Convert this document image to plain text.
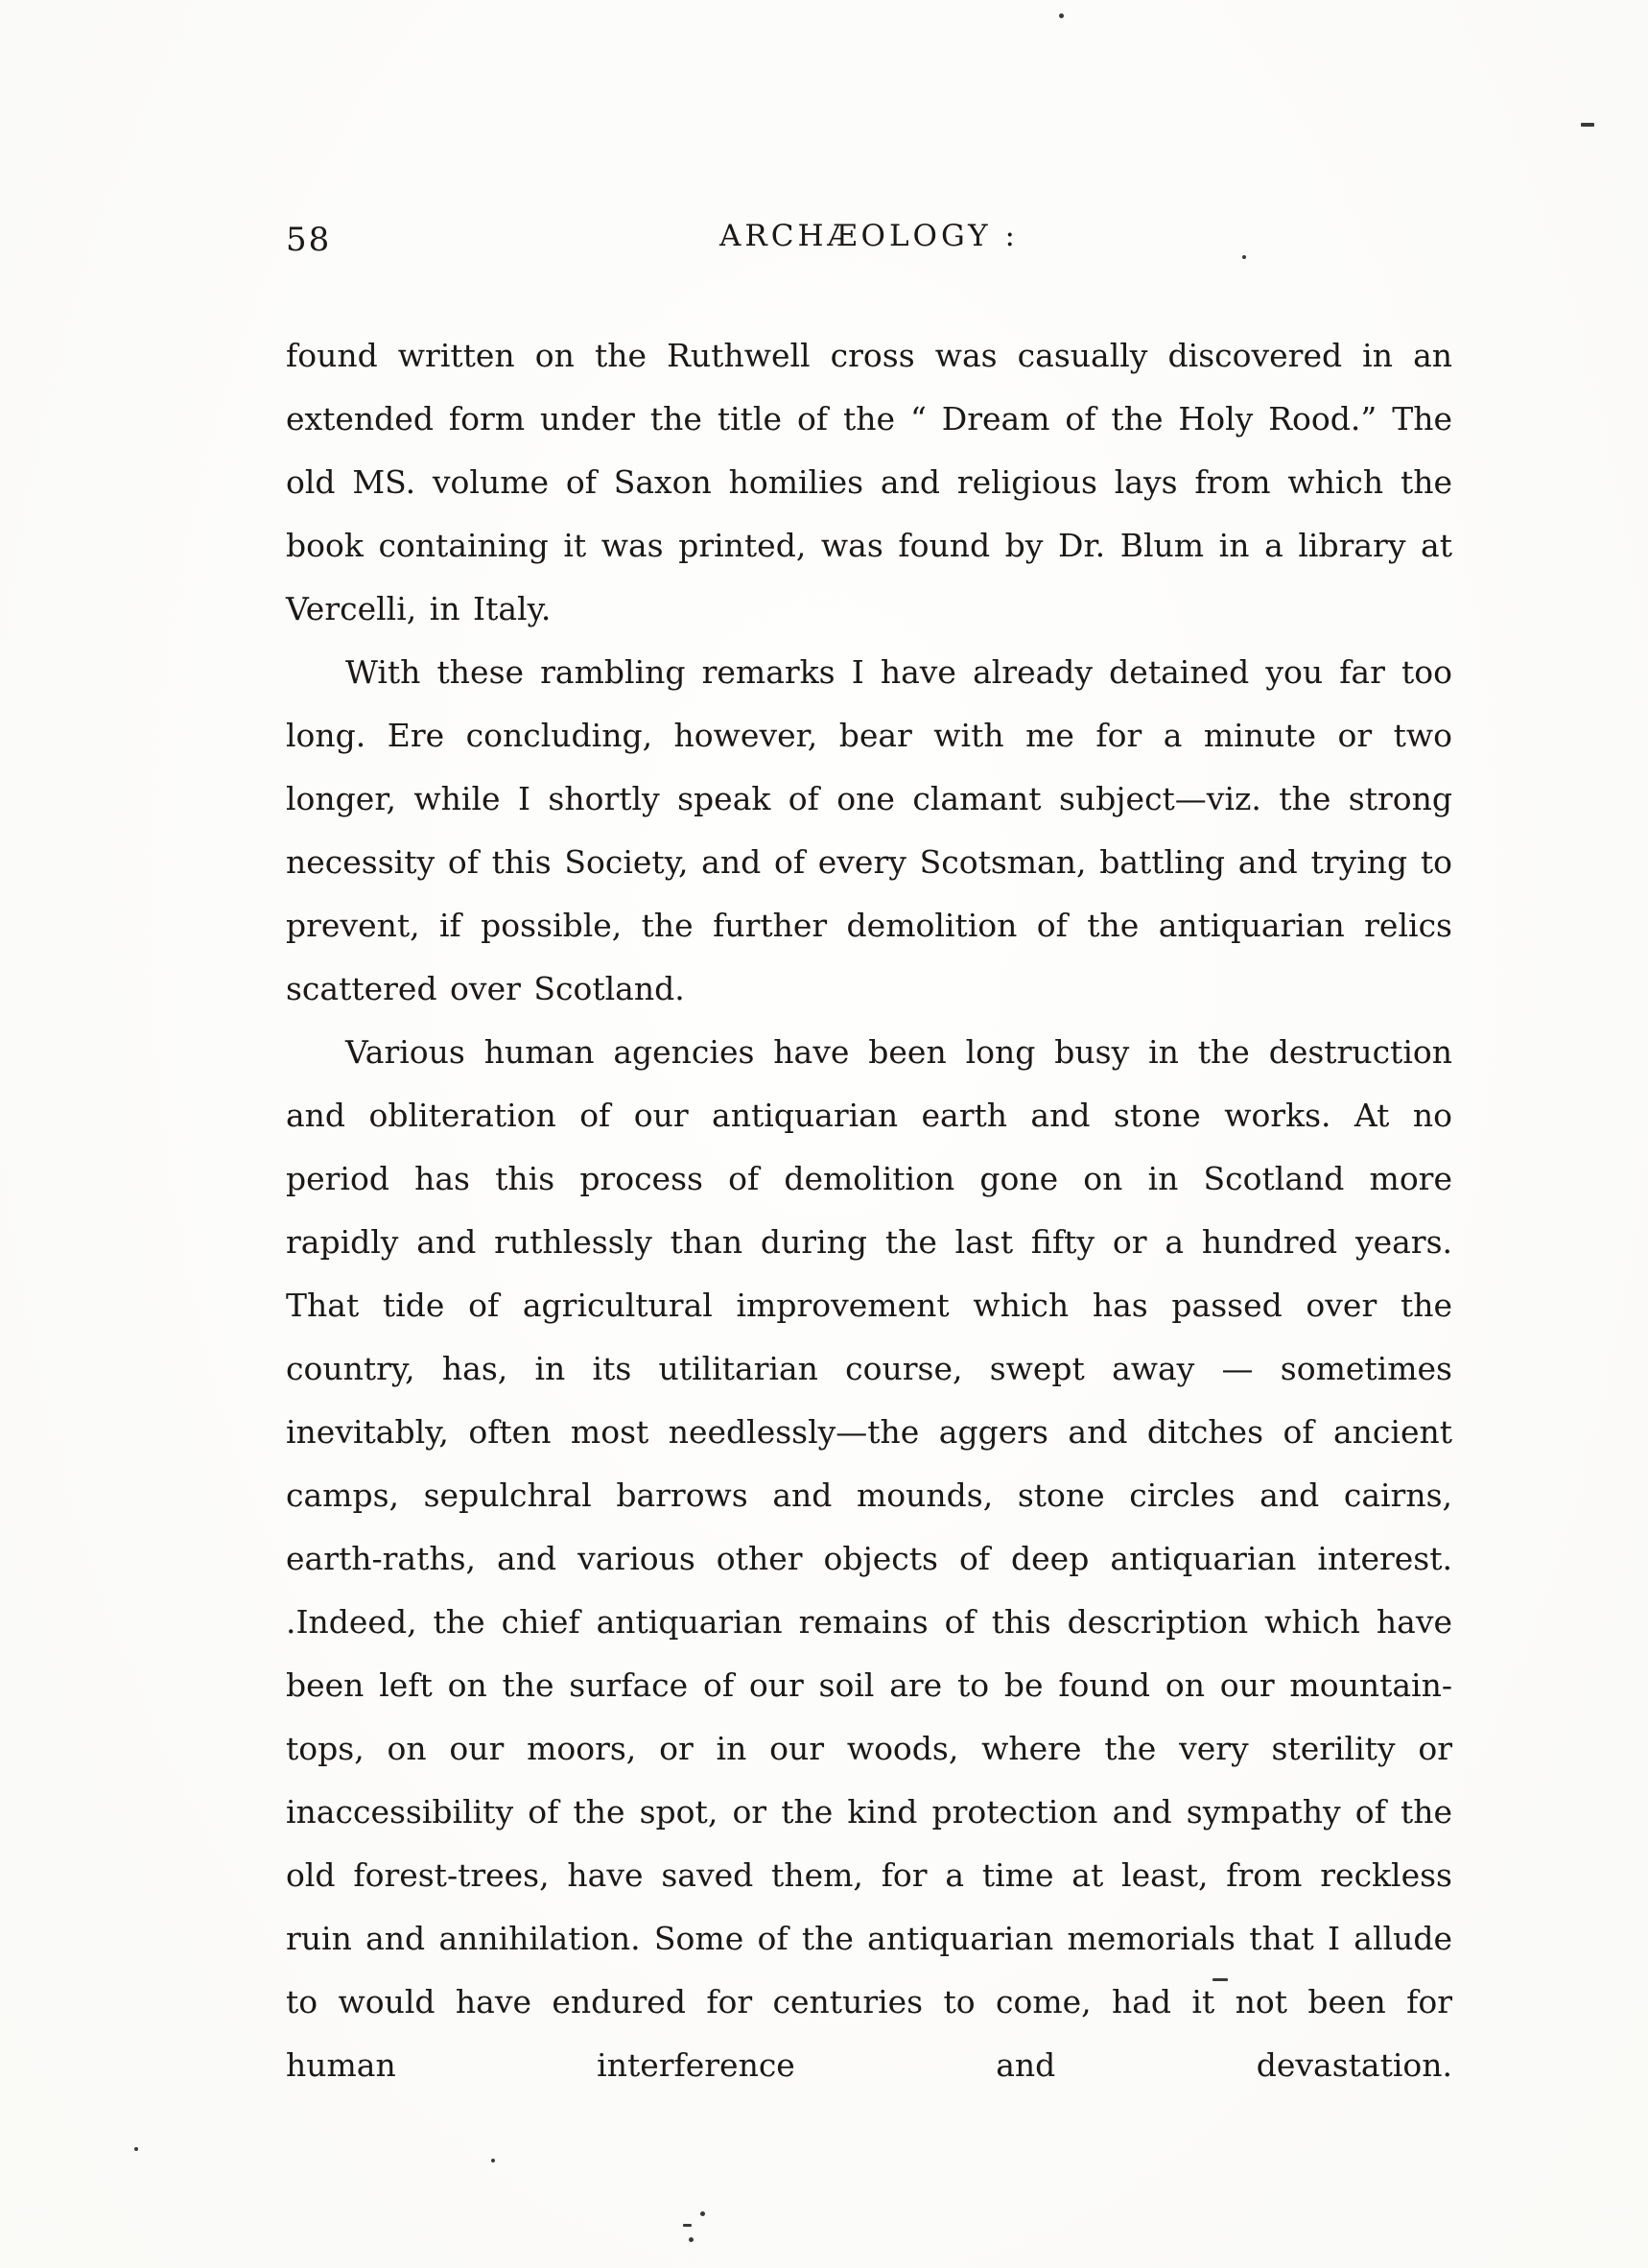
58	ARCHÆOLOGY :

found written on the Ruthwell cross was casually discovered in an extended form under the title of the “ Dream of the Holy Rood.” The old MS. volume of Saxon homilies and religious lays from which the book containing it was printed, was found by Dr. Blum in a library at Vercelli, in Italy.

With these rambling remarks I have already detained you far too long. Ere concluding, however, bear with me for a minute or two longer, while I shortly speak of one clamant subject—viz. the strong necessity of this Society, and of every Scotsman, battling and trying to prevent, if possible, the further demolition of the antiquarian relics scattered over Scotland.

Various human agencies have been long busy in the destruction and obliteration of our antiquarian earth and stone works. At no period has this process of demolition gone on in Scotland more rapidly and ruthlessly than during the last fifty or a hundred years. That tide of agricultural improvement which has passed over the country, has, in its utilitarian course, swept away — sometimes inevitably, often most needlessly—the aggers and ditches of ancient camps, sepulchral barrows and mounds, stone circles and cairns, earth-raths, and various other objects of deep antiquarian interest. .Indeed, the chief antiquarian remains of this description which have been left on the surface of our soil are to be found on our mountain-tops, on our moors, or in our woods, where the very sterility or inaccessibility of the spot, or the kind protection and sympathy of the old forest-trees, have saved them, for a time at least, from reckless ruin and annihilation. Some of the antiquarian memorials that I allude to would have endured for centuries to come, had it not been for human interference and devastation.
